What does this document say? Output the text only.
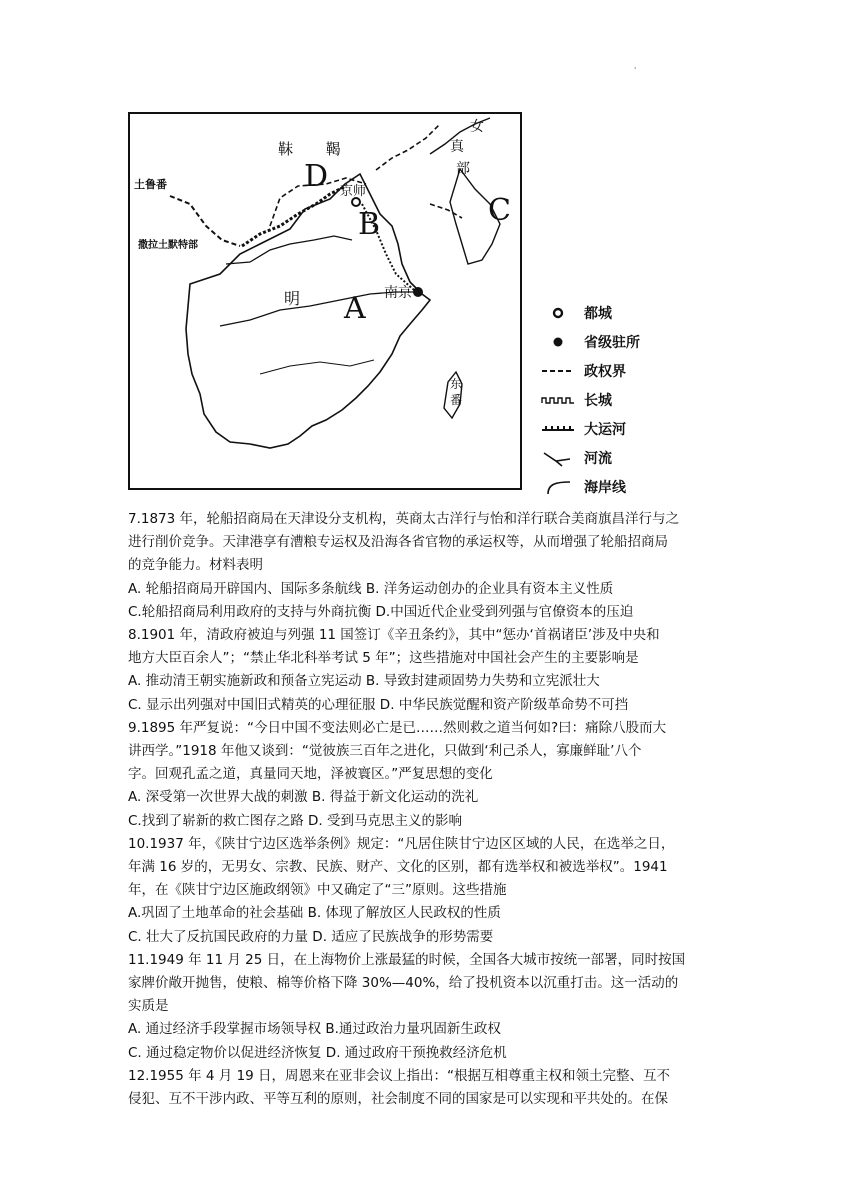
'
靺 鞨
土鲁番
撒拉土默特部
真
女
部
京师
明	南京
东番
D
B	C
A	都城
省级驻所
政权界
长城
大运河
河流
海岸线

7.1873 年，轮船招商局在天津设分支机构，英商太古洋行与怡和洋行联合美商旗昌洋行与之

进行削价竞争。天津港享有漕粮专运权及沿海各省官物的承运权等，从而增强了轮船招商局

的竞争能力。材料表明

A. 轮船招商局开辟国内、国际多条航线 B. 洋务运动创办的企业具有资本主义性质

C.轮船招商局利用政府的支持与外商抗衡 D.中国近代企业受到列强与官僚资本的压迫

8.1901 年，清政府被迫与列强 11 国签订《辛丑条约》，其中“惩办‘首祸诸臣’涉及中央和

地方大臣百余人”；“禁止华北科举考试 5 年”；这些措施对中国社会产生的主要影响是

A. 推动清王朝实施新政和预备立宪运动 B. 导致封建顽固势力失势和立宪派壮大

C. 显示出列强对中国旧式精英的心理征服 D. 中华民族觉醒和资产阶级革命势不可挡

9.1895 年严复说：“今日中国不变法则必亡是已……然则救之道当何如?曰：痛除八股而大

讲西学。”1918 年他又谈到：“觉彼族三百年之进化，只做到‘利己杀人，寡廉鲜耻’八个

字。回观孔孟之道，真量同天地，泽被寰区。”严复思想的变化

A. 深受第一次世界大战的刺激 B. 得益于新文化运动的洗礼

C.找到了崭新的救亡图存之路 D. 受到马克思主义的影响

10.1937 年，《陕甘宁边区选举条例》规定：“凡居住陕甘宁边区区域的人民，在选举之日，

年满 16 岁的，无男女、宗教、民族、财产、文化的区别，都有选举权和被选举权”。1941

年，在《陕甘宁边区施政纲领》中又确定了“三”原则。这些措施

A.巩固了土地革命的社会基础 B. 体现了解放区人民政权的性质

C. 壮大了反抗国民政府的力量 D. 适应了民族战争的形势需要

11.1949 年 11 月 25 日，在上海物价上涨最猛的时候，全国各大城市按统一部署，同时按国

家牌价敞开抛售，使粮、棉等价格下降 30%—40%，给了投机资本以沉重打击。这一活动的

实质是

A. 通过经济手段掌握市场领导权 B.通过政治力量巩固新生政权

C. 通过稳定物价以促进经济恢复 D. 通过政府干预挽救经济危机

12.1955 年 4 月 19 日，周恩来在亚非会议上指出：“根据互相尊重主权和领土完整、互不

侵犯、互不干涉内政、平等互利的原则，社会制度不同的国家是可以实现和平共处的。在保
